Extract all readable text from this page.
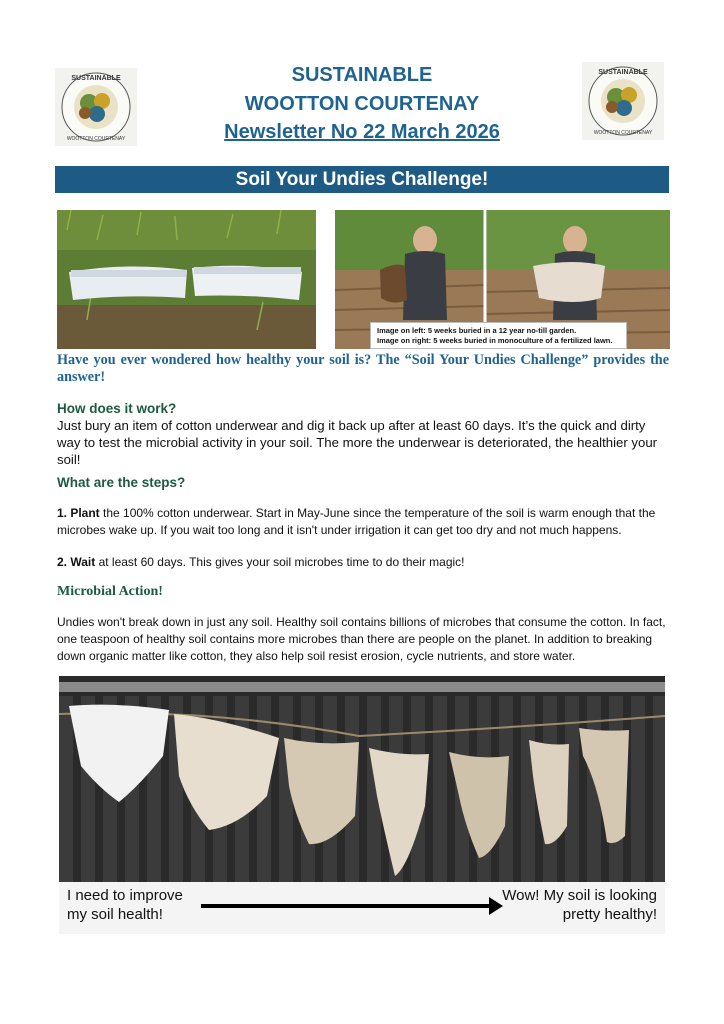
SUSTAINABLE
WOOTTON COURTENAY
SUSTAINABLE
WOOTTON COURTENAY
SUSTAINABLE
WOOTTON COURTENAY
Newsletter No 22 March 2026
Soil Your Undies Challenge!
Image on left: 5 weeks buried in a 12 year no-till garden.
Image on right: 5 weeks buried in monoculture of a fertilized lawn.
Have you ever wondered how healthy your soil is? The “Soil Your Undies Challenge” provides the answer!
How does it work?
Just bury an item of cotton underwear and dig it back up after at least 60 days. It’s the quick and dirty way to test the microbial activity in your soil. The more the underwear is deteriorated, the healthier your soil!
What are the steps?
1. Plant the 100% cotton underwear. Start in May-June since the temperature of the soil is warm enough that the microbes wake up. If you wait too long and it isn't under irrigation it can get too dry and not much happens.
2. Wait at least 60 days. This gives your soil microbes time to do their magic!
Microbial Action!
Undies won't break down in just any soil. Healthy soil contains billions of microbes that consume the cotton. In fact, one teaspoon of healthy soil contains more microbes than there are people on the planet. In addition to breaking down organic matter like cotton, they also help soil resist erosion, cycle nutrients, and store water.
I need to improve
my soil health!
Wow! My soil is looking
pretty healthy!
